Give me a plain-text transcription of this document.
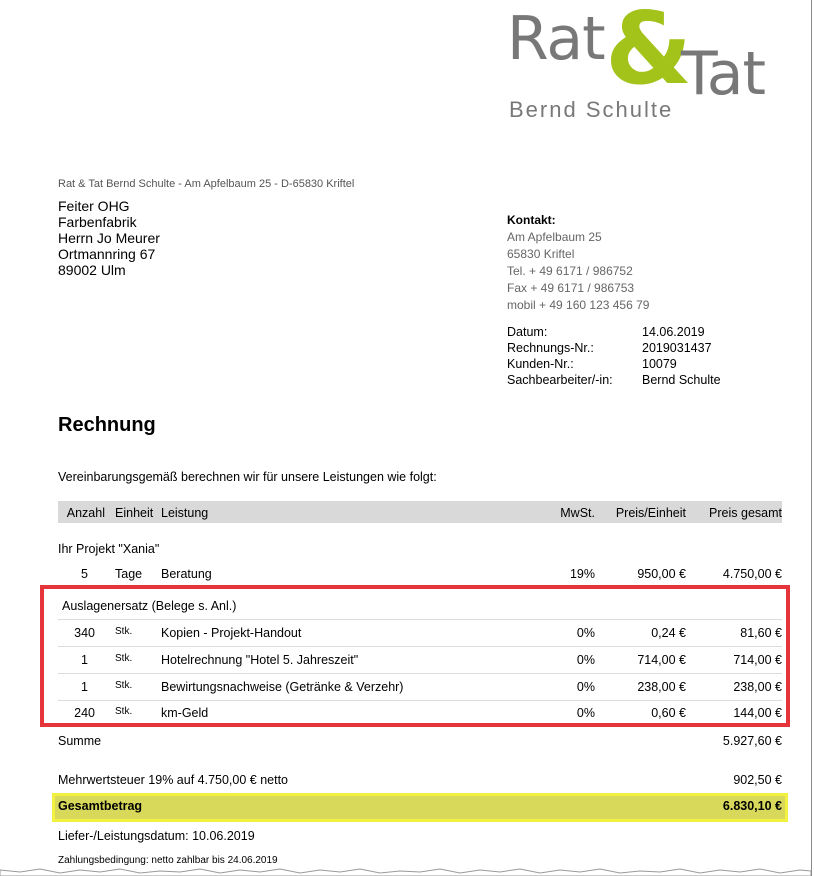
Rat &
Tat
Bernd Schulte
Rat & Tat Bernd Schulte - Am Apfelbaum 25 - D-65830 Kriftel
Feiter OHG
Farbenfabrik
Herrn Jo Meurer
Ortmannring 67
89002 Ulm
Kontakt:
Am Apfelbaum 25
65830 Kriftel
Tel. + 49 6171 / 986752
Fax + 49 6171 / 986753
mobil + 49 160 123 456 79
Datum:	14.06.2019
Rechnungs-Nr.:	2019031437
Kunden-Nr.:	10079
Sachbearbeiter/-in:	Bernd Schulte
Rechnung
Vereinbarungsgemäß berechnen wir für unsere Leistungen wie folgt:
Anzahl Einheit Leistung	MwSt.	Preis/Einheit	Preis gesamt
Ihr Projekt "Xania"
5 Tage Beratung	19%	950,00 €	4.750,00 €
Auslagenersatz (Belege s. Anl.)
340 Stk. Kopien - Projekt-Handout	0%	0,24 €	81,60 €
1	Stk. Hotelrechnung "Hotel 5. Jahreszeit"	0%	714,00 €	714,00 €
1	Stk. Bewirtungsnachweise (Getränke & Verzehr)	0%	238,00 €	238,00 €
240 Stk. km-Geld	0%	0,60 €	144,00 €
Summe	5.927,60 €
Mehrwertsteuer 19% auf 4.750,00 € netto	902,50 €
Gesamtbetrag	6.830,10 €
Liefer-/Leistungsdatum: 10.06.2019
Zahlungsbedingung: netto zahlbar bis 24.06.2019
